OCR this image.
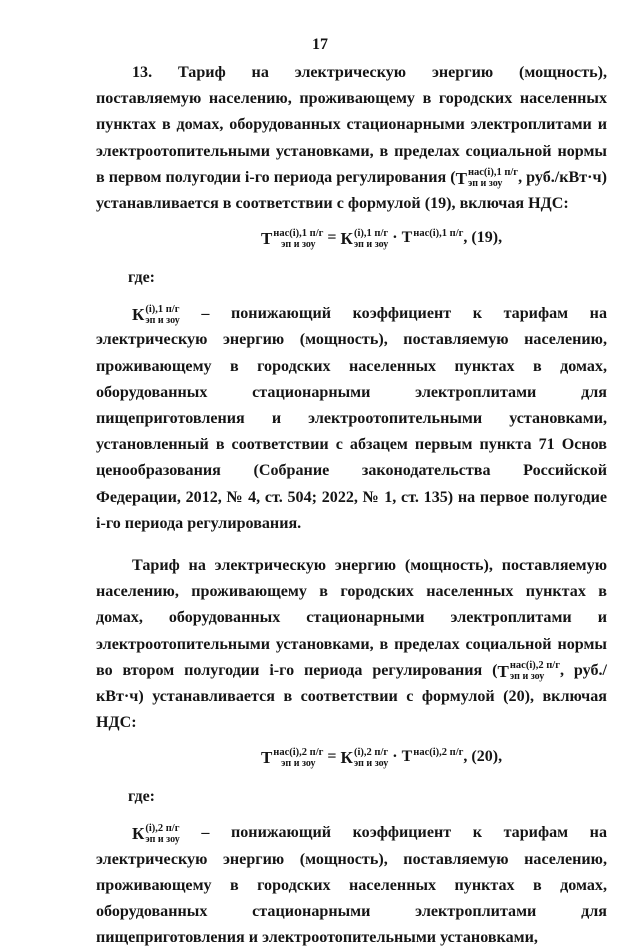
17

13. Тариф на электрическую энергию (мощность), поставляемую населению, проживающему в городских населенных пунктах в домах, оборудованных стационарными электроплитами и электроотопительными установками, в пределах социальной нормы в первом полугодии i-го периода регулирования ( Т нас(i),1 п/г
эп и зоу , руб./кВт·ч) устанавливается в соответствии с формулой (19), включая НДС:

Т нас(i),1 п/г
эп и зоу = К (i),1 п/г
эп и зоу · Т нас(i),1 п/г
, (19),
где:

К (i),1 п/г
эп и зоу – понижающий коэффициент к тарифам на электрическую энергию (мощность), поставляемую населению, проживающему в городских населенных пунктах в домах, оборудованных стационарными электроплитами для пищеприготовления и электроотопительными установками, установленный в соответствии с абзацем первым пункта 71 Основ ценообразования (Собрание законодательства Российской Федерации, 2012, № 4, ст. 504; 2022, № 1, ст. 135) на первое полугодие i-го периода регулирования.

Тариф на электрическую энергию (мощность), поставляемую населению, проживающему в городских населенных пунктах в домах, оборудованных стационарными электроплитами и электроотопительными установками, в пределах социальной нормы во втором полугодии i-го периода регулирования ( Т нас(i),2 п/г
эп и зоу , руб./кВт·ч) устанавливается в соответствии с формулой (20), включая НДС:

Т нас(i),2 п/г
эп и зоу = К (i),2 п/г
эп и зоу · Т нас(i),2 п/г
, (20),
где:

К (i),2 п/г
эп и зоу – понижающий коэффициент к тарифам на электрическую энергию (мощность), поставляемую населению, проживающему в городских населенных пунктах в домах, оборудованных стационарными электроплитами для пищеприготовления и электроотопительными установками,
